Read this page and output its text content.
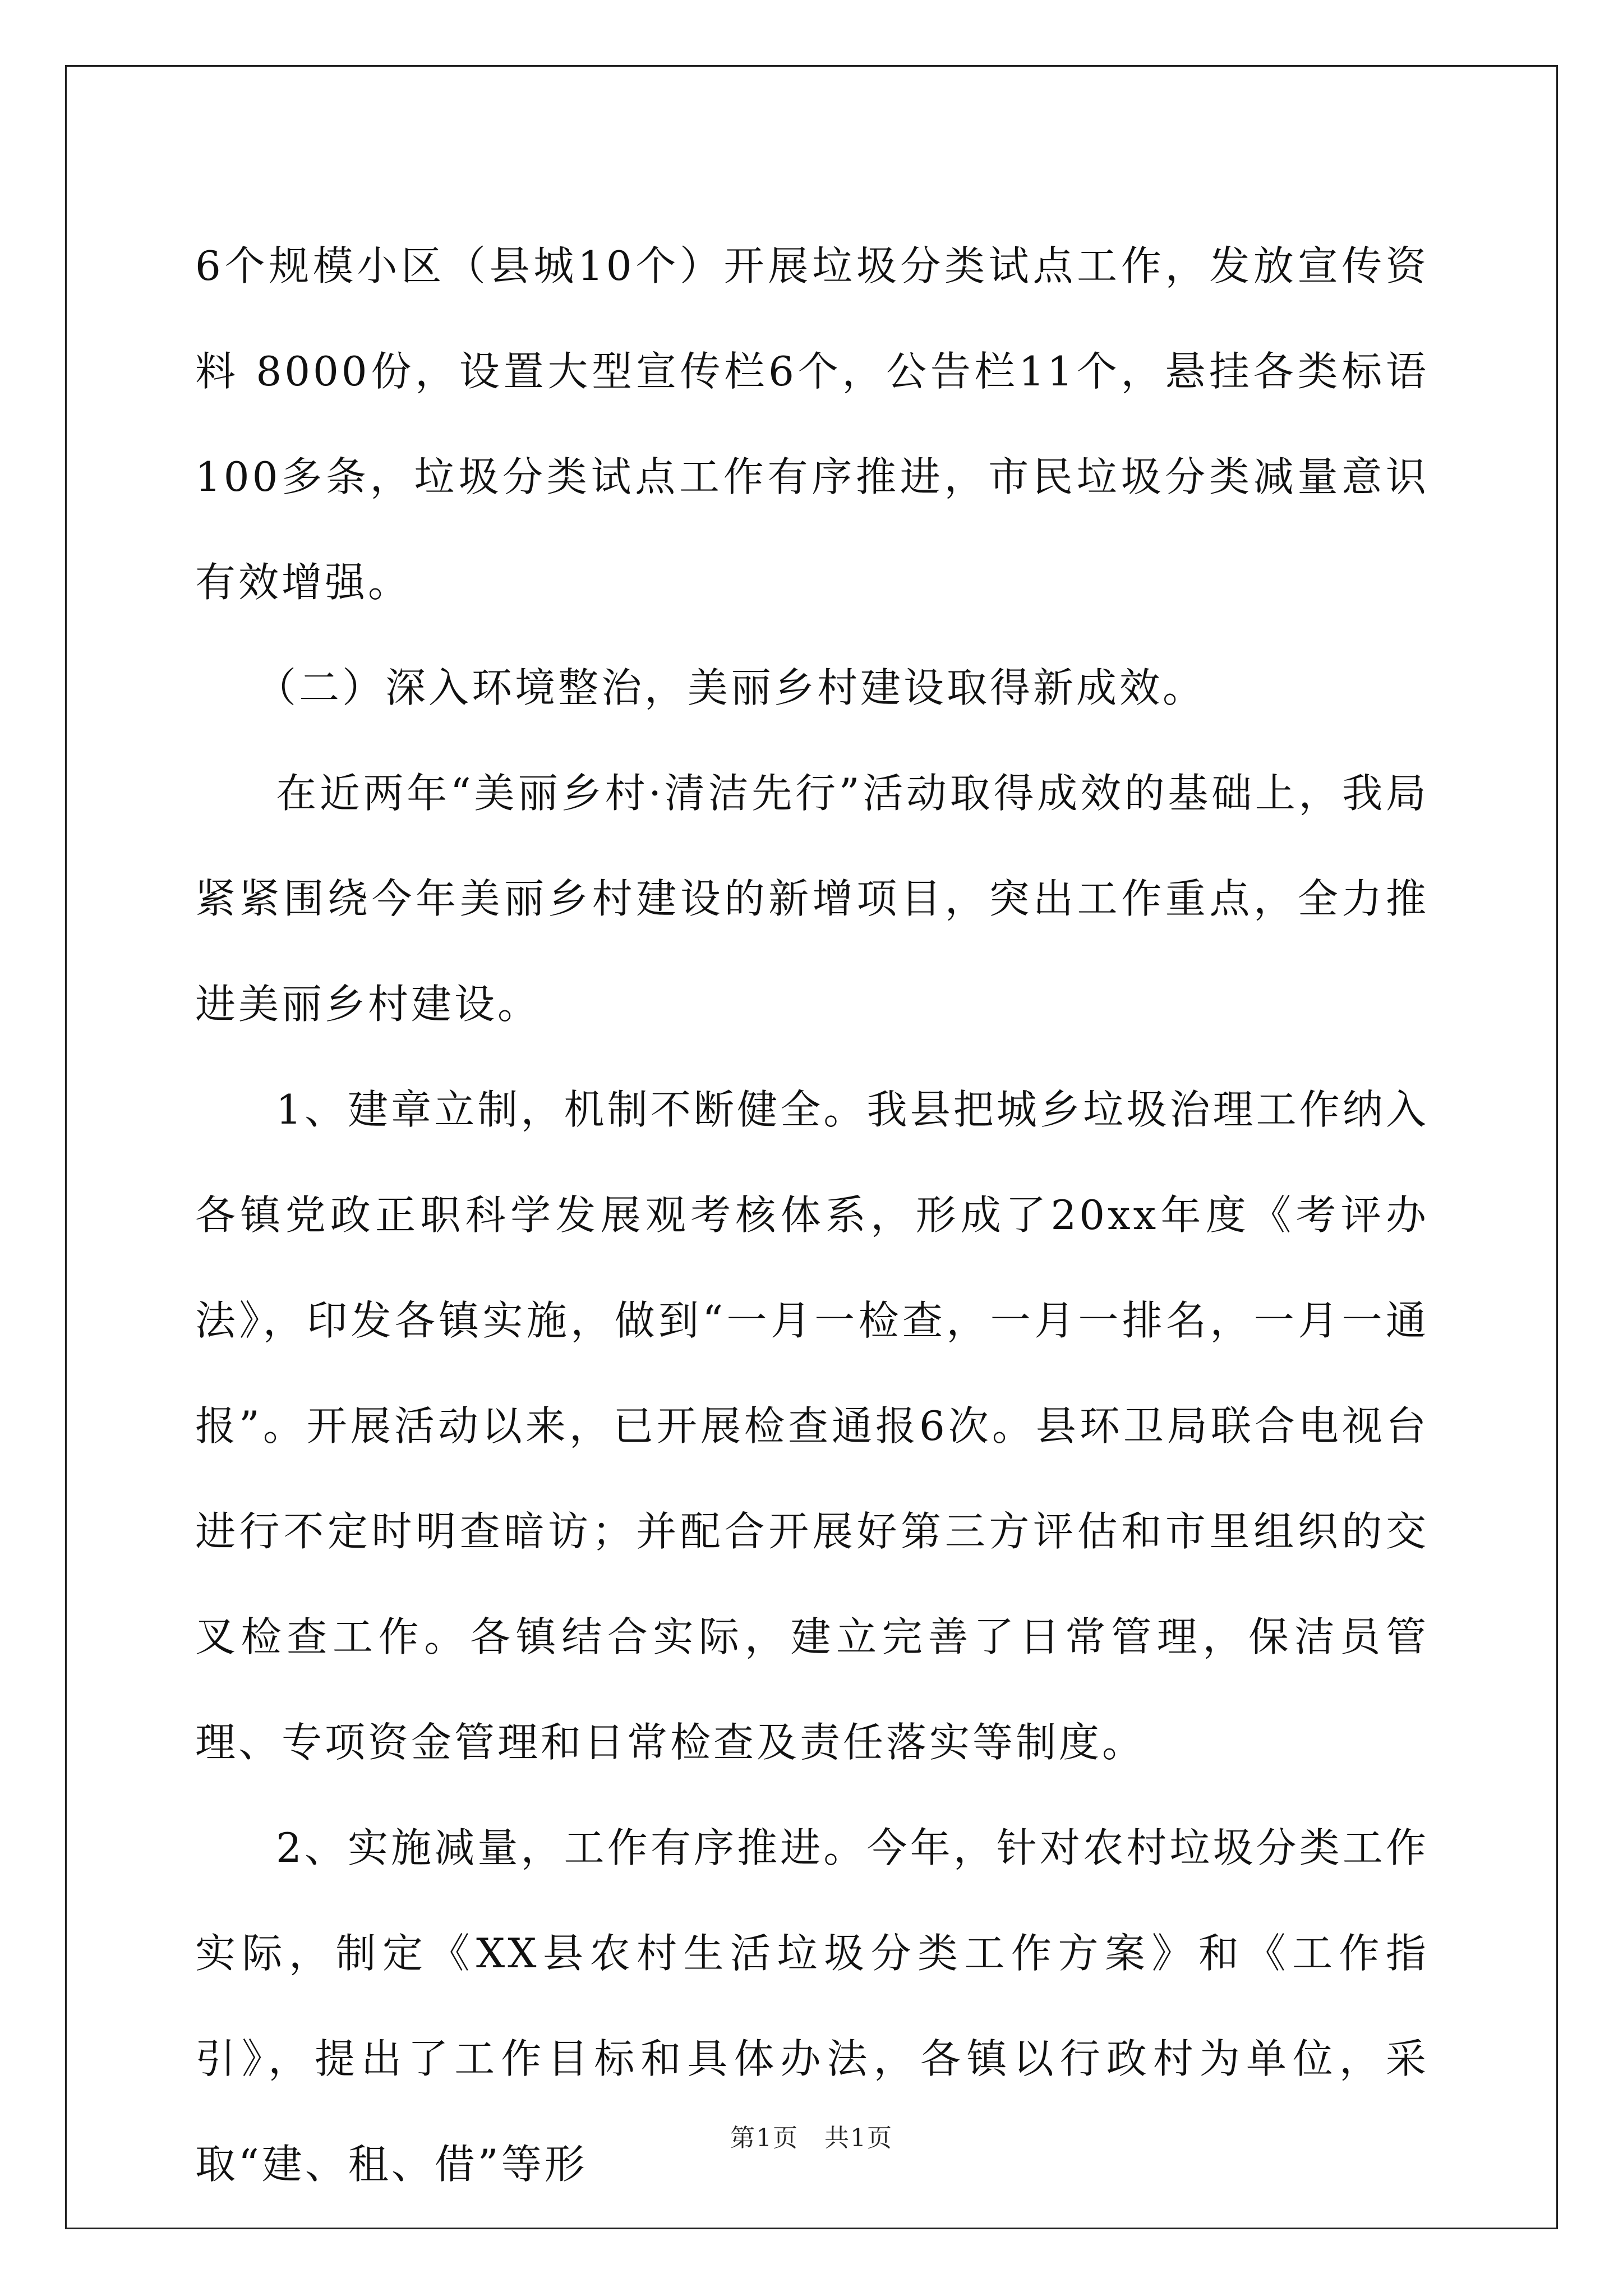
6个规模小区（县城10个）开展垃圾分类试点工作，发放宣传资料 8000份，设置大型宣传栏6个，公告栏11个，悬挂各类标语100多条，垃圾分类试点工作有序推进，市民垃圾分类减量意识有效增强。

（二）深入环境整治，美丽乡村建设取得新成效。

在近两年“美丽乡村·清洁先行”活动取得成效的基础上，我局紧紧围绕今年美丽乡村建设的新增项目，突出工作重点，全力推进美丽乡村建设。

1、建章立制，机制不断健全。我县把城乡垃圾治理工作纳入各镇党政正职科学发展观考核体系，形成了20xx年度《考评办法》，印发各镇实施，做到“一月一检查，一月一排名，一月一通报”。开展活动以来，已开展检查通报6次。县环卫局联合电视台进行不定时明查暗访；并配合开展好第三方评估和市里组织的交叉检查工作。各镇结合实际，建立完善了日常管理，保洁员管理、专项资金管理和日常检查及责任落实等制度。

2、实施减量，工作有序推进。今年，针对农村垃圾分类工作实际，制定《XX县农村生活垃圾分类工作方案》和《工作指引》，提出了工作目标和具体办法，各镇以行政村为单位，采取“建、租、借”等形

第1页　共1页
